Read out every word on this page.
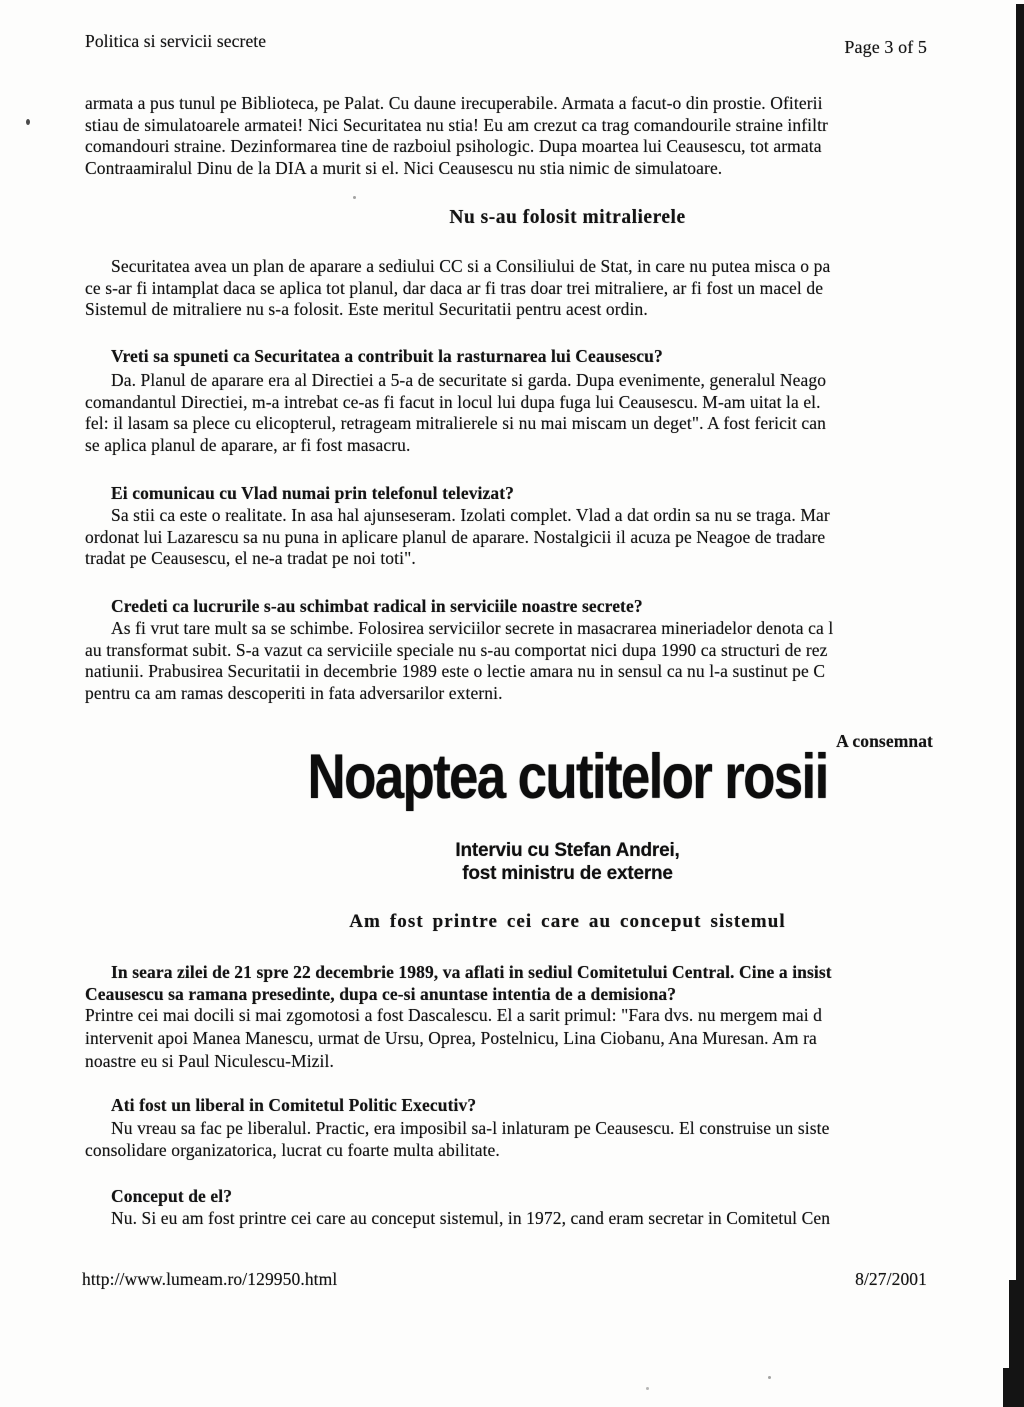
Politica si servicii secrete	Page 3 of 5
armata a pus tunul pe Biblioteca, pe Palat. Cu daune irecuperabile. Armata a facut-o din prostie. Ofiterii
stiau de simulatoarele armatei! Nici Securitatea nu stia! Eu am crezut ca trag comandourile straine infiltr
comandouri straine. Dezinformarea tine de razboiul psihologic. Dupa moartea lui Ceausescu, tot armata
Contraamiralul Dinu de la DIA a murit si el. Nici Ceausescu nu stia nimic de simulatoare.
Nu s-au folosit mitralierele
Securitatea avea un plan de aparare a sediului CC si a Consiliului de Stat, in care nu putea misca o pa
ce s-ar fi intamplat daca se aplica tot planul, dar daca ar fi tras doar trei mitraliere, ar fi fost un macel de
Sistemul de mitraliere nu s-a folosit. Este meritul Securitatii pentru acest ordin.
Vreti sa spuneti ca Securitatea a contribuit la rasturnarea lui Ceausescu?
Da. Planul de aparare era al Directiei a 5-a de securitate si garda. Dupa evenimente, generalul Neago
comandantul Directiei, m-a intrebat ce-as fi facut in locul lui dupa fuga lui Ceausescu. M-am uitat la el.
fel: il lasam sa plece cu elicopterul, retrageam mitralierele si nu mai miscam un deget". A fost fericit can
se aplica planul de aparare, ar fi fost masacru.
Ei comunicau cu Vlad numai prin telefonul televizat?
Sa stii ca este o realitate. In asa hal ajunseseram. Izolati complet. Vlad a dat ordin sa nu se traga. Mar
ordonat lui Lazarescu sa nu puna in aplicare planul de aparare. Nostalgicii il acuza pe Neagoe de tradare
tradat pe Ceausescu, el ne-a tradat pe noi toti".
Credeti ca lucrurile s-au schimbat radical in serviciile noastre secrete?
As fi vrut tare mult sa se schimbe. Folosirea serviciilor secrete in masacrarea mineriadelor denota ca l
au transformat subit. S-a vazut ca serviciile speciale nu s-au comportat nici dupa 1990 ca structuri de rez
natiunii. Prabusirea Securitatii in decembrie 1989 este o lectie amara nu in sensul ca nu l-a sustinut pe C
pentru ca am ramas descoperiti in fata adversarilor externi.
A consemnat
Noaptea cutitelor rosii
Interviu cu Stefan Andrei,
fost ministru de externe
Am fost printre cei care au conceput sistemul
In seara zilei de 21 spre 22 decembrie 1989, va aflati in sediul Comitetului Central. Cine a insist
Ceausescu sa ramana presedinte, dupa ce-si anuntase intentia de a demisiona?
Printre cei mai docili si mai zgomotosi a fost Dascalescu. El a sarit primul: "Fara dvs. nu mergem mai d
intervenit apoi Manea Manescu, urmat de Ursu, Oprea, Postelnicu, Lina Ciobanu, Ana Muresan. Am ra
noastre eu si Paul Niculescu-Mizil.
Ati fost un liberal in Comitetul Politic Executiv?
Nu vreau sa fac pe liberalul. Practic, era imposibil sa-l inlaturam pe Ceausescu. El construise un siste
consolidare organizatorica, lucrat cu foarte multa abilitate.
Conceput de el?
Nu. Si eu am fost printre cei care au conceput sistemul, in 1972, cand eram secretar in Comitetul Cen
http://www.lumeam.ro/129950.html	8/27/2001
